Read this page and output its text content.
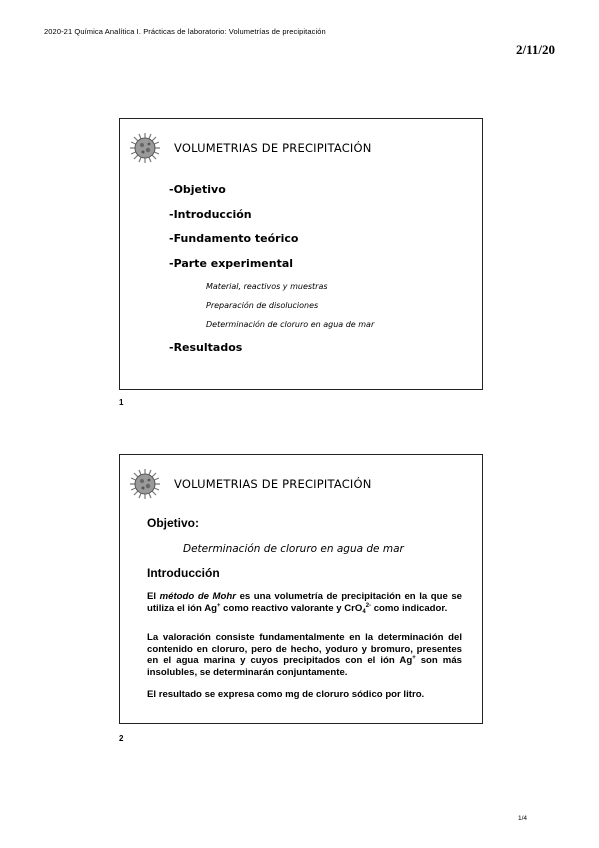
2020-21 Química Analítica I. Prácticas de laboratorio: Volumetrías de precipitación
2/11/20
VOLUMETRIAS DE PRECIPITACIÓN
-Objetivo
-Introducción
-Fundamento teórico
-Parte experimental
Material, reactivos y muestras
Preparación de disoluciones
Determinación de cloruro en agua de mar
-Resultados
1
VOLUMETRIAS DE PRECIPITACIÓN
Objetivo:
Determinación de cloruro en agua de mar
Introducción
El método de Mohr es una volumetría de precipitación en la que se utiliza el ión Ag+ como reactivo valorante y CrO$_4^{2-}$ como indicador.
La valoración consiste fundamentalmente en la determinación del contenido en cloruro, pero de hecho, yoduro y bromuro, presentes en el agua marina y cuyos precipitados con el ión Ag+ son más insolubles, se determinarán conjuntamente.
El resultado se expresa como mg de cloruro sódico por litro.
2
1/4
